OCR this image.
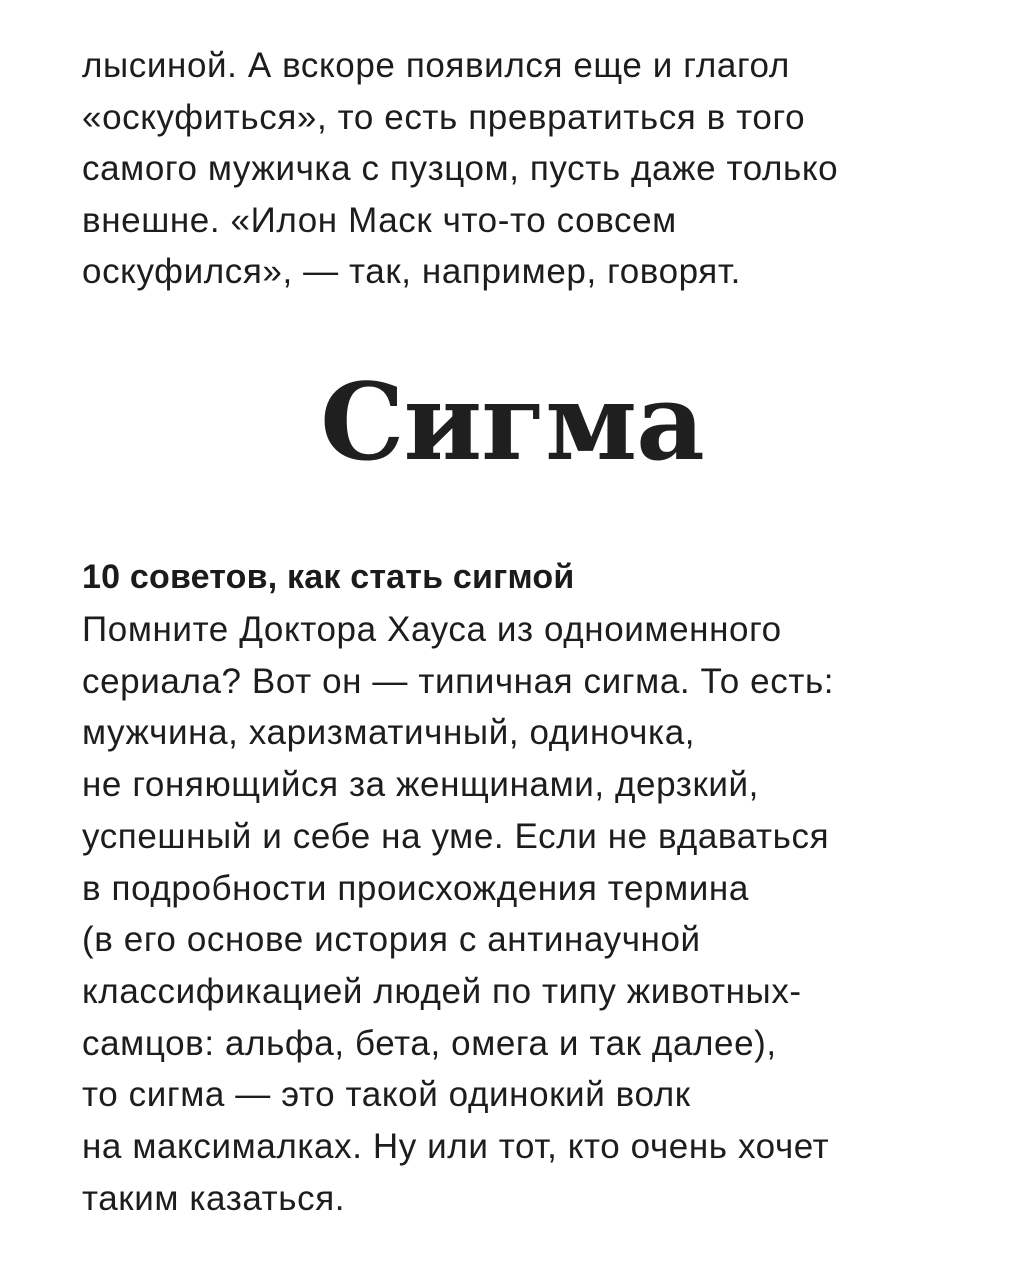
лысиной. А вскоре появился еще и глагол
«оскуфиться», то есть превратиться в того
самого мужичка с пузцом, пусть даже только
внешне. «Илон Маск что-то совсем
оскуфился», — так, например, говорят.
Сигма
10 советов, как стать сигмой
Помните Доктора Хауса из одноименного
сериала? Вот он — типичная сигма. То есть:
мужчина, харизматичный, одиночка,
не гоняющийся за женщинами, дерзкий,
успешный и себе на уме. Если не вдаваться
в подробности происхождения термина
(в его основе история с антинаучной
классификацией людей по типу животных-
самцов: альфа, бета, омега и так далее),
то сигма — это такой одинокий волк
на максималках. Ну или тот, кто очень хочет
таким казаться.
